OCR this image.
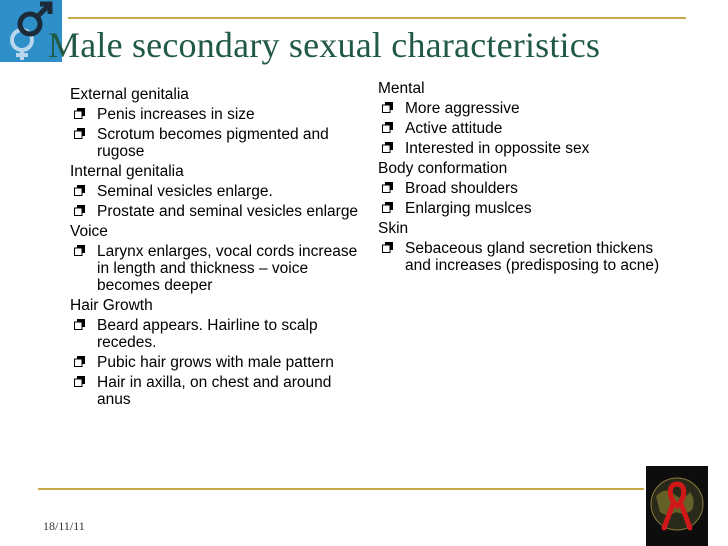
Male secondary sexual characteristics
External genitalia
Penis increases in size
Scrotum becomes pigmented and rugose
Internal genitalia
Seminal vesicles enlarge.
Prostate and seminal vesicles enlarge
Voice
Larynx enlarges, vocal cords increase in length and thickness – voice becomes deeper
Hair Growth
Beard appears. Hairline to scalp recedes.
Pubic hair grows with male pattern
Hair in axilla, on chest and around anus
Mental
More aggressive
Active attitude
Interested in oppossite sex
Body conformation
Broad shoulders
Enlarging muslces
Skin
Sebaceous gland secretion thickens and increases (predisposing to acne)
18/11/11
